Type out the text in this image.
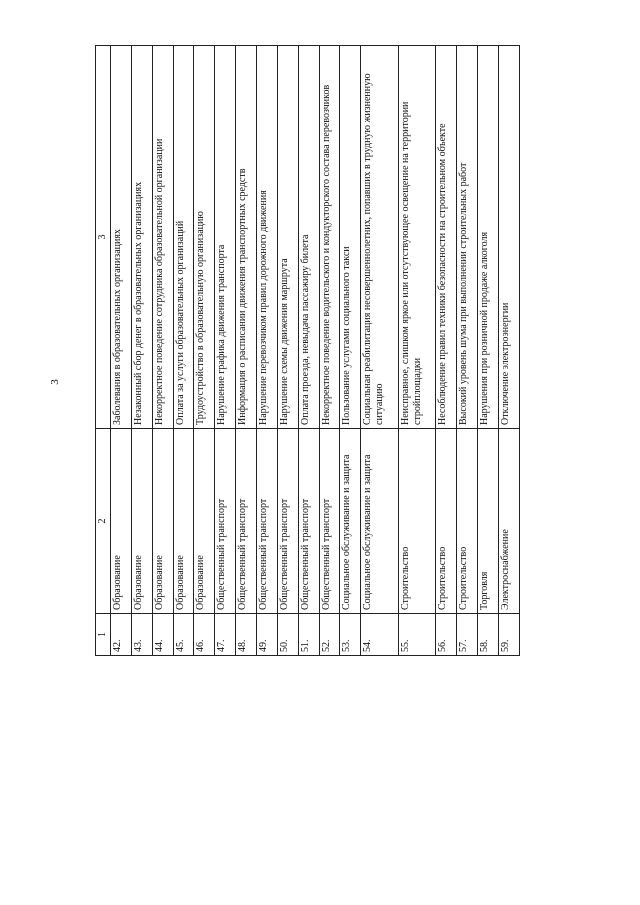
3
1	2	3
42.	Образование	Заболевания в образовательных организациях
43.	Образование	Незаконный сбор денег в образовательных организациях
44.	Образование	Некорректное поведение сотрудника образовательной организации
45.	Образование	Оплата за услуги образовательных организаций
46.	Образование	Трудоустройство в образовательную организацию
47.	Общественный транспорт	Нарушение графика движения транспорта
48.	Общественный транспорт	Информация о расписании движения транспортных средств
49.	Общественный транспорт	Нарушение перевозчиком правил дорожного движения
50.	Общественный транспорт	Нарушение схемы движения маршрута
51.	Общественный транспорт	Оплата проезда, невыдача пассажиру билета
52.	Общественный транспорт	Некорректное поведение водительского и кондукторского состава перевозчиков
53.	Социальное обслуживание и защита	Пользование услугами социального такси
54.	Социальное обслуживание и защита	Социальная реабилитация несовершеннолетних, попавших в трудную жизненную ситуацию
55.	Строительство	Неисправное, слишком яркое или отсутствующее освещение на территории стройплощадки
56.	Строительство	Несоблюдение правил техники безопасности на строительном объекте
57.	Строительство	Высокий уровень шума при выполнении строительных работ
58.	Торговля	Нарушения при розничной продаже алкоголя
59.	Электроснабжение	Отключение электроэнергии
